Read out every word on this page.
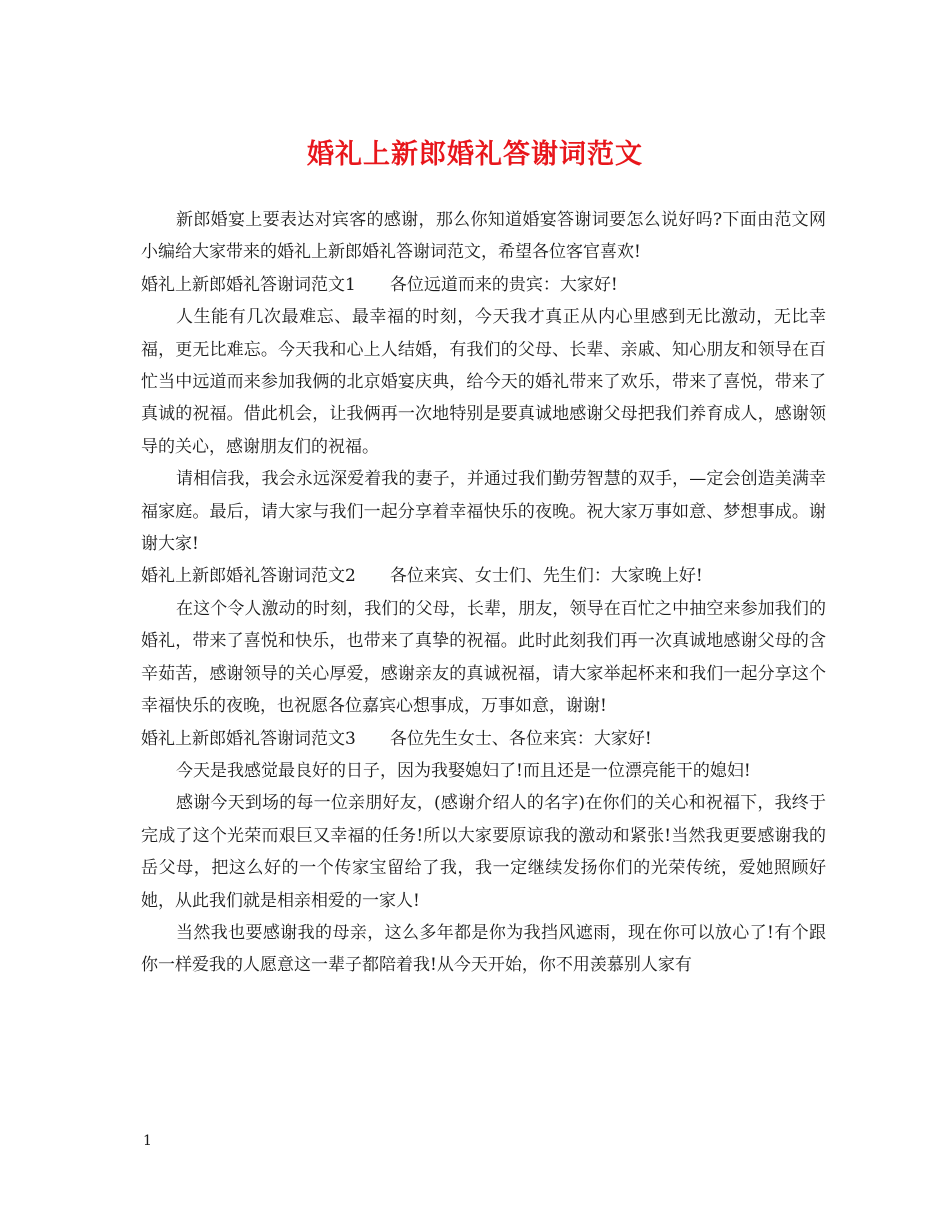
婚礼上新郎婚礼答谢词范文

新郎婚宴上要表达对宾客的感谢，那么你知道婚宴答谢词要怎么说好吗?下面由范文网小编给大家带来的婚礼上新郎婚礼答谢词范文，希望各位客官喜欢!

婚礼上新郎婚礼答谢词范文1　　各位远道而来的贵宾：大家好!

人生能有几次最难忘、最幸福的时刻，今天我才真正从内心里感到无比激动，无比幸福，更无比难忘。今天我和心上人结婚，有我们的父母、长辈、亲戚、知心朋友和领导在百忙当中远道而来参加我俩的北京婚宴庆典，给今天的婚礼带来了欢乐，带来了喜悦，带来了真诚的祝福。借此机会，让我俩再一次地特别是要真诚地感谢父母把我们养育成人，感谢领导的关心，感谢朋友们的祝福。

请相信我，我会永远深爱着我的妻子，并通过我们勤劳智慧的双手，—定会创造美满幸福家庭。最后，请大家与我们一起分享着幸福快乐的夜晚。祝大家万事如意、梦想事成。谢谢大家!

婚礼上新郎婚礼答谢词范文2　　各位来宾、女士们、先生们：大家晚上好!

在这个令人激动的时刻，我们的父母，长辈，朋友，领导在百忙之中抽空来参加我们的婚礼，带来了喜悦和快乐，也带来了真挚的祝福。此时此刻我们再一次真诚地感谢父母的含辛茹苦，感谢领导的关心厚爱，感谢亲友的真诚祝福，请大家举起杯来和我们一起分享这个幸福快乐的夜晚，也祝愿各位嘉宾心想事成，万事如意，谢谢!

婚礼上新郎婚礼答谢词范文3　　各位先生女士、各位来宾：大家好!

今天是我感觉最良好的日子，因为我娶媳妇了!而且还是一位漂亮能干的媳妇!

感谢今天到场的每一位亲朋好友，(感谢介绍人的名字)在你们的关心和祝福下，我终于完成了这个光荣而艰巨又幸福的任务!所以大家要原谅我的激动和紧张!当然我更要感谢我的岳父母，把这么好的一个传家宝留给了我，我一定继续发扬你们的光荣传统，爱她照顾好她，从此我们就是相亲相爱的一家人!

当然我也要感谢我的母亲，这么多年都是你为我挡风遮雨，现在你可以放心了!有个跟你一样爱我的人愿意这一辈子都陪着我!从今天开始，你不用羡慕别人家有

1
